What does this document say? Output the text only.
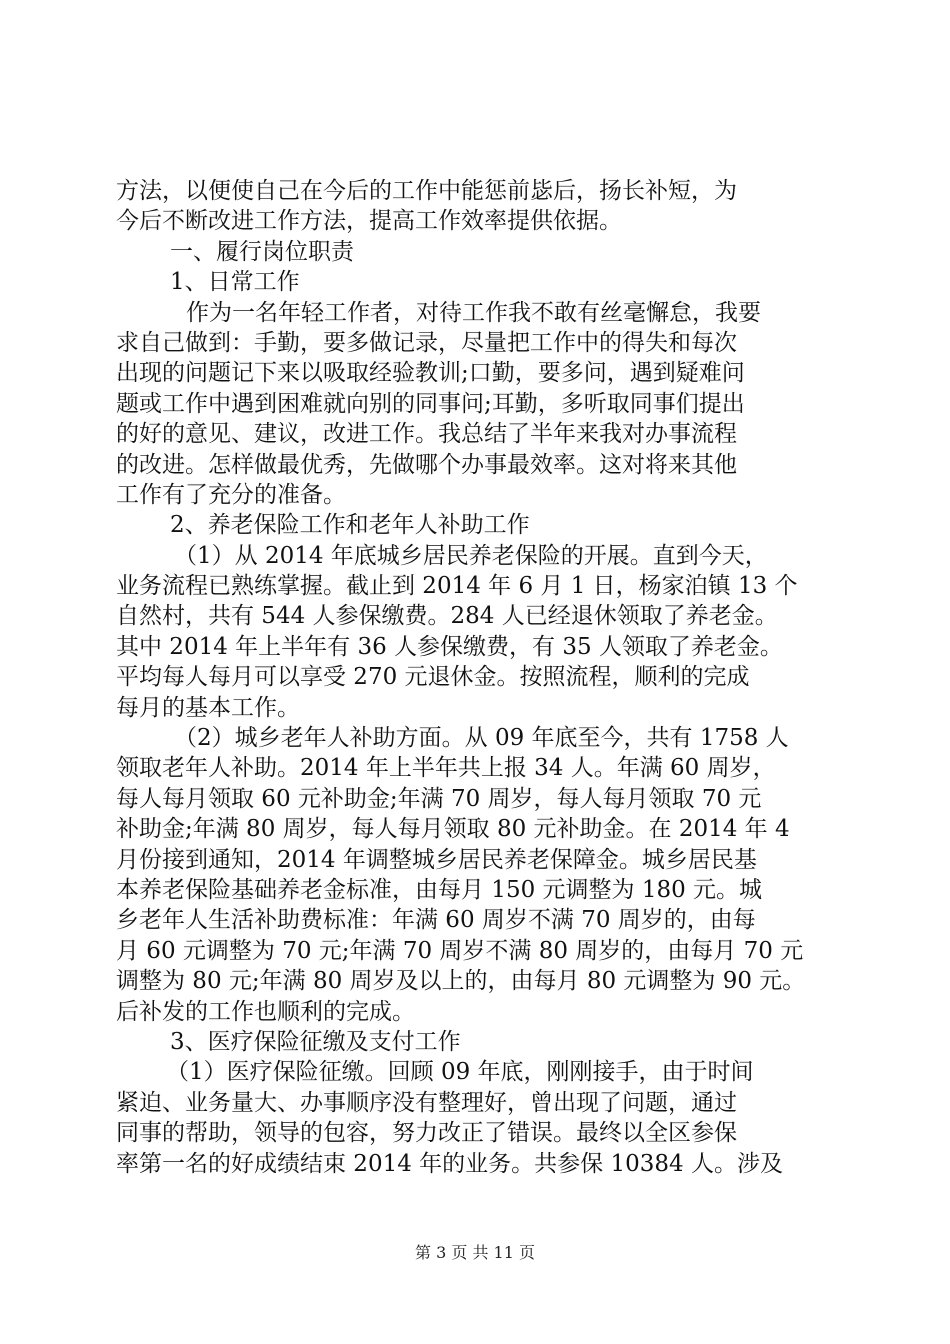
方法，以便使自己在今后的工作中能惩前毖后，扬长补短，为
今后不断改进工作方法，提高工作效率提供依据。
一、履行岗位职责
1、日常工作
作为一名年轻工作者，对待工作我不敢有丝毫懈怠，我要
求自己做到：手勤，要多做记录，尽量把工作中的得失和每次
出现的问题记下来以吸取经验教训;口勤，要多问，遇到疑难问
题或工作中遇到困难就向别的同事问;耳勤，多听取同事们提出
的好的意见、建议，改进工作。我总结了半年来我对办事流程
的改进。怎样做最优秀，先做哪个办事最效率。这对将来其他
工作有了充分的准备。
2、养老保险工作和老年人补助工作
（1）从 2014 年底城乡居民养老保险的开展。直到今天，
业务流程已熟练掌握。截止到 2014 年 6 月 1 日，杨家泊镇 13 个
自然村，共有 544 人参保缴费。284 人已经退休领取了养老金。
其中 2014 年上半年有 36 人参保缴费，有 35 人领取了养老金。
平均每人每月可以享受 270 元退休金。按照流程，顺利的完成
每月的基本工作。
（2）城乡老年人补助方面。从 09 年底至今，共有 1758 人
领取老年人补助。2014 年上半年共上报 34 人。年满 60 周岁，
每人每月领取 60 元补助金;年满 70 周岁，每人每月领取 70 元
补助金;年满 80 周岁，每人每月领取 80 元补助金。在 2014 年 4
月份接到通知，2014 年调整城乡居民养老保障金。城乡居民基
本养老保险基础养老金标准，由每月 150 元调整为 180 元。城
乡老年人生活补助费标准：年满 60 周岁不满 70 周岁的，由每
月 60 元调整为 70 元;年满 70 周岁不满 80 周岁的，由每月 70 元
调整为 80 元;年满 80 周岁及以上的，由每月 80 元调整为 90 元。
后补发的工作也顺利的完成。
3、医疗保险征缴及支付工作
（1）医疗保险征缴。回顾 09 年底，刚刚接手，由于时间
紧迫、业务量大、办事顺序没有整理好，曾出现了问题，通过
同事的帮助，领导的包容，努力改正了错误。最终以全区参保
率第一名的好成绩结束 2014 年的业务。共参保 10384 人。涉及
第 3 页 共 11 页
